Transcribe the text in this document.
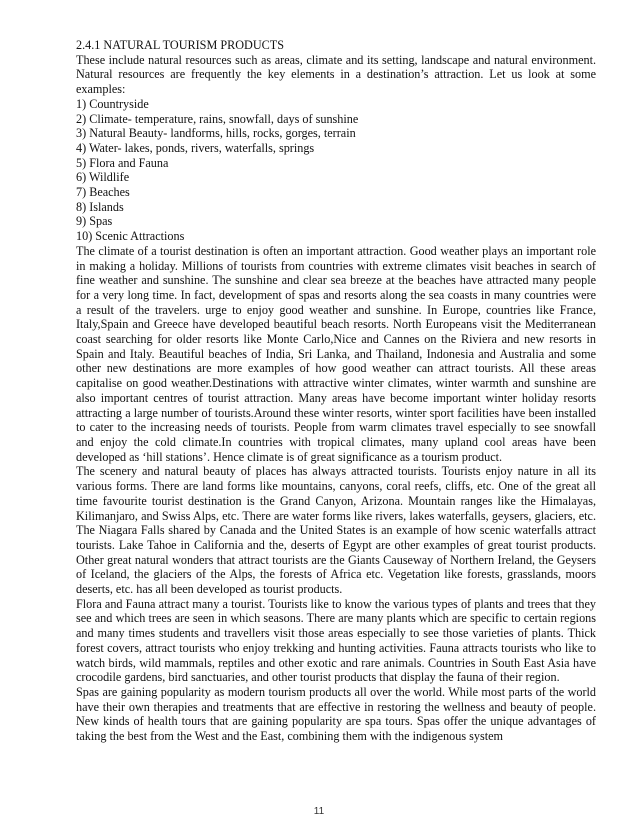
2.4.1 NATURAL TOURISM PRODUCTS

These include natural resources such as areas, climate and its setting, landscape and natural environment. Natural resources are frequently the key elements in a destination’s attraction. Let us look at some examples:

1) Countryside
2) Climate- temperature, rains, snowfall, days of sunshine
3) Natural Beauty- landforms, hills, rocks, gorges, terrain
4) Water- lakes, ponds, rivers, waterfalls, springs
5) Flora and Fauna
6) Wildlife
7) Beaches
8) Islands
9) Spas
10) Scenic Attractions

The climate of a tourist destination is often an important attraction. Good weather plays an important role in making a holiday. Millions of tourists from countries with extreme climates visit beaches in search of fine weather and sunshine. The sunshine and clear sea breeze at the beaches have attracted many people for a very long time. In fact, development of spas and resorts along the sea coasts in many countries were a result of the travelers. urge to enjoy good weather and sunshine. In Europe, countries like France, Italy,Spain and Greece have developed beautiful beach resorts. North Europeans visit the Mediterranean coast searching for older resorts like Monte Carlo,Nice and Cannes on the Riviera and new resorts in Spain and Italy. Beautiful beaches of India, Sri Lanka, and Thailand, Indonesia and Australia and some other new destinations are more examples of how good weather can attract tourists. All these areas capitalise on good weather.Destinations with attractive winter climates, winter warmth and sunshine are also important centres of tourist attraction. Many areas have become important winter holiday resorts attracting a large number of tourists.Around these winter resorts, winter sport facilities have been installed to cater to the increasing needs of tourists. People from warm climates travel especially to see snowfall and enjoy the cold climate.In countries with tropical climates, many upland cool areas have been developed as ‘hill stations’. Hence climate is of great significance as a tourism product.

The scenery and natural beauty of places has always attracted tourists. Tourists enjoy nature in all its various forms. There are land forms like mountains, canyons, coral reefs, cliffs, etc. One of the great all time favourite tourist destination is the Grand Canyon, Arizona. Mountain ranges like the Himalayas, Kilimanjaro, and Swiss Alps, etc. There are water forms like rivers, lakes waterfalls, geysers, glaciers, etc. The Niagara Falls shared by Canada and the United States is an example of how scenic waterfalls attract tourists. Lake Tahoe in California and the, deserts of Egypt are other examples of great tourist products. Other great natural wonders that attract tourists are the Giants Causeway of Northern Ireland, the Geysers of Iceland, the glaciers of the Alps, the forests of Africa etc. Vegetation like forests, grasslands, moors deserts, etc. has all been developed as tourist products.

Flora and Fauna attract many a tourist. Tourists like to know the various types of plants and trees that they see and which trees are seen in which seasons. There are many plants which are specific to certain regions and many times students and travellers visit those areas especially to see those varieties of plants. Thick forest covers, attract tourists who enjoy trekking and hunting activities. Fauna attracts tourists who like to watch birds, wild mammals, reptiles and other exotic and rare animals. Countries in South East Asia have crocodile gardens, bird sanctuaries, and other tourist products that display the fauna of their region.

Spas are gaining popularity as modern tourism products all over the world. While most parts of the world have their own therapies and treatments that are effective in restoring the wellness and beauty of people. New kinds of health tours that are gaining popularity are spa tours. Spas offer the unique advantages of taking the best from the West and the East, combining them with the indigenous system

11
